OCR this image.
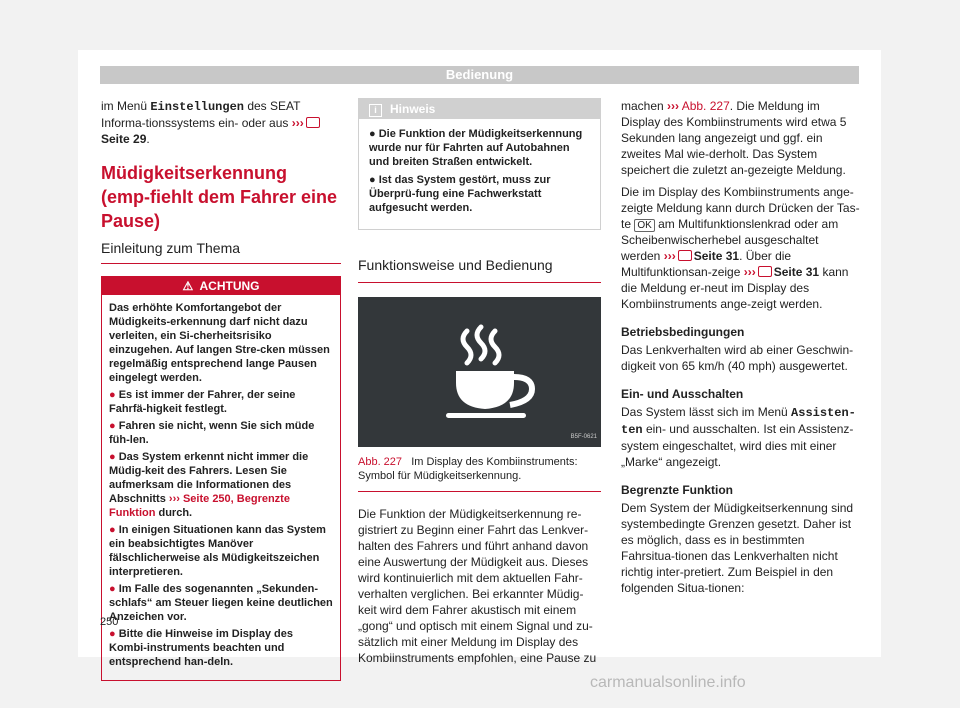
Bedienung

im Menü Einstellungen des SEAT Informa-tionssystems ein- oder aus ›››Seite 29.

Müdigkeitserkennung (emp-fiehlt dem Fahrer eine Pause)
Einleitung zum Thema
⚠ ACHTUNG

Das erhöhte Komfortangebot der Müdigkeits-erkennung darf nicht dazu verleiten, ein Si-cherheitsrisiko einzugehen. Auf langen Stre-cken müssen regelmäßig entsprechend lange Pausen eingelegt werden.

● Es ist immer der Fahrer, der seine Fahrfä-higkeit festlegt.

● Fahren sie nicht, wenn Sie sich müde füh-len.

● Das System erkennt nicht immer die Müdig-keit des Fahrers. Lesen Sie aufmerksam die Informationen des Abschnitts ››› Seite 250, Begrenzte Funktion durch.

● In einigen Situationen kann das System ein beabsichtigtes Manöver fälschlicherweise als Müdigkeitszeichen interpretieren.

● Im Falle des sogenannten „Sekunden-schlafs“ am Steuer liegen keine deutlichen Anzeichen vor.

● Bitte die Hinweise im Display des Kombi-instruments beachten und entsprechend han-deln.

i Hinweis

● Die Funktion der Müdigkeitserkennung wurde nur für Fahrten auf Autobahnen und breiten Straßen entwickelt.

● Ist das System gestört, muss zur Überprü-fung eine Fachwerkstatt aufgesucht werden.

Funktionsweise und Bedienung
B5F-0621
Abb. 227 Im Display des Kombiinstruments: Symbol für Müdigkeitserkennung.

Die Funktion der Müdigkeitserkennung re-gistriert zu Beginn einer Fahrt das Lenkver-halten des Fahrers und führt anhand davon eine Auswertung der Müdigkeit aus. Dieses wird kontinuierlich mit dem aktuellen Fahr-verhalten verglichen. Bei erkannter Müdig-keit wird dem Fahrer akustisch mit einem „gong“ und optisch mit einem Signal und zu-sätzlich mit einer Meldung im Display des Kombiinstruments empfohlen, eine Pause zu

machen ››› Abb. 227. Die Meldung im Display des Kombiinstruments wird etwa 5 Sekunden lang angezeigt und ggf. ein zweites Mal wie-derholt. Das System speichert die zuletzt an-gezeigte Meldung.

Die im Display des Kombiinstruments ange-zeigte Meldung kann durch Drücken der Tas-te OK am Multifunktionslenkrad oder am Scheibenwischerhebel ausgeschaltet werden ››› Seite 31. Über die Multifunktionsan-zeige ››› Seite 31 kann die Meldung er-neut im Display des Kombiinstruments ange-zeigt werden.

Betriebsbedingungen

Das Lenkverhalten wird ab einer Geschwin-digkeit von 65 km/h (40 mph) ausgewertet.

Ein- und Ausschalten

Das System lässt sich im Menü Assisten-ten ein- und ausschalten. Ist ein Assistenz-system eingeschaltet, wird dies mit einer „Marke“ angezeigt.

Begrenzte Funktion

Dem System der Müdigkeitserkennung sind systembedingte Grenzen gesetzt. Daher ist es möglich, dass es in bestimmten Fahrsitua-tionen das Lenkverhalten nicht richtig inter-pretiert. Zum Beispiel in den folgenden Situa-tionen:

250
carmanualsonline.info
